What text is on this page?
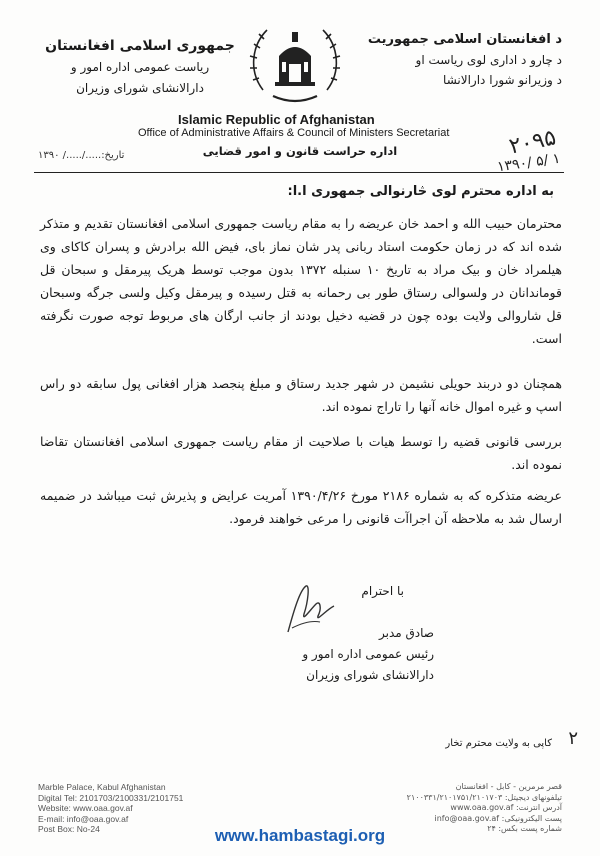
د افغانستان اسلامی جمهوریت
د چارو د اداری لوی ریاست او
د وزیرانو شورا دارالانشا
جمهوری اسلامی افغانستان
ریاست عمومی اداره امور و
دارالانشای شورای وزیران
Islamic Republic of Afghanistan
Office of Administrative Affairs & Council of Ministers Secretariat
اداره حراست قانون و امور قضایی
تاریخ:...../...../ ۱۳۹۰	۲۰۹۵
۱۳۹۰/ ۵/ ۱
به اداره محترم لوی څارنوالی جمهوری ا.ا:
محترمان حبیب الله و احمد خان عریضه را به مقام ریاست جمهوری اسلامی افغانستان تقدیم و متذکر شده اند که در زمان حکومت استاد ربانی پدر شان نماز بای، فیض الله برادرش و پسران کاکای وی هیلمراد خان و بیک مراد به تاریخ ۱۰ سنبله ۱۳۷۲ بدون موجب توسط هریک پیرمقل و سبحان قل قوماندانان در ولسوالی رستاق طور بی رحمانه به قتل رسیده و پیرمقل وکیل ولسی جرگه وسبحان قل شاروالی ولایت بوده چون در قضیه دخیل بودند از جانب ارگان های مربوط توجه صورت نگرفته است.
همچنان دو دربند حویلی نشیمن در شهر جدید رستاق و مبلغ پنجصد هزار افغانی پول سابقه دو راس اسپ و غیره اموال خانه آنها را تاراج نموده اند.
بررسی قانونی قضیه را توسط هیات با صلاحیت از مقام ریاست جمهوری اسلامی افغانستان تقاضا نموده اند.
عریضه متذکره که به شماره ۲۱۸۶ مورخ ۱۳۹۰/۴/۲۶ آمریت عرایض و پذیرش ثبت میباشد در ضمیمه ارسال شد به ملاحظه آن اجراآت قانونی را مرعی خواهند فرمود.
با احترام
صادق مدبر
رئیس عمومی اداره امور و
دارالانشای شورای وزیران
۲
کاپی به ولایت محترم تخار
Marble Palace, Kabul Afghanistan
Digital Tel: 2101703/2100331/2101751
Website: www.oaa.gov.af
E-mail: info@oaa.gov.af
Post Box: No-24
قصر مرمرین - کابل - افغانستان
تیلفونهای دیجیتل: ۲۱۰۰۳۳۱/۲۱۰۱۷۵۱/۲۱۰۱۷۰۳
آدرس انترنت: www.oaa.gov.af
پست الیکترونیکی: info@oaa.gov.af
شماره پست بکس: ۲۴
www.hambastagi.org
